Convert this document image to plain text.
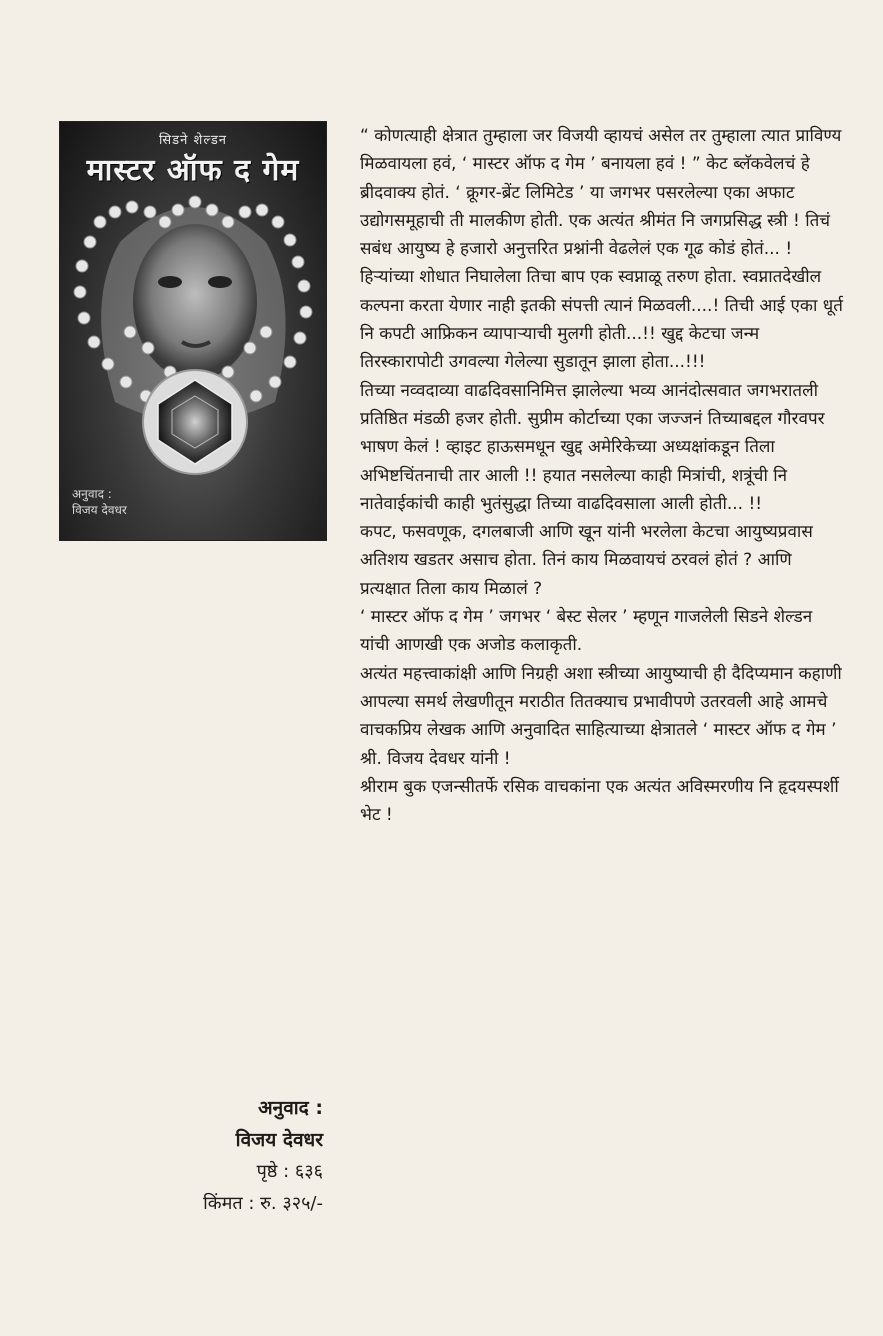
सिडने शेल्डन
मास्टर ऑफ द गेम
अनुवाद :
विजय देवधर

“ कोणत्याही क्षेत्रात तुम्हाला जर विजयी व्हायचं असेल तर तुम्हाला त्यात प्राविण्य मिळवायला हवं, ‘ मास्टर ऑफ द गेम ’ बनायला हवं ! ” केट ब्लॅकवेलचं हे ब्रीदवाक्य होतं. ‘ क्रूगर-ब्रेंट लिमिटेड ’ या जगभर पसरलेल्या एका अफाट उद्योगसमूहाची ती मालकीण होती. एक अत्यंत श्रीमंत नि जगप्रसिद्ध स्त्री ! तिचं सबंध आयुष्य हे हजारो अनुत्तरित प्रश्नांनी वेढलेलं एक गूढ कोडं होतं... !

हिऱ्यांच्या शोधात निघालेला तिचा बाप एक स्वप्नाळू तरुण होता. स्वप्नातदेखील कल्पना करता येणार नाही इतकी संपत्ती त्यानं मिळवली....! तिची आई एका धूर्त नि कपटी आफ्रिकन व्यापाऱ्याची मुलगी होती...!! खुद्द केटचा जन्म तिरस्कारापोटी उगवल्या गेलेल्या सुडातून झाला होता...!!!

तिच्या नव्वदाव्या वाढदिवसानिमित्त झालेल्या भव्य आनंदोत्सवात जगभरातली प्रतिष्ठित मंडळी हजर होती. सुप्रीम कोर्टाच्या एका जज्जनं तिच्याबद्दल गौरवपर भाषण केलं ! व्हाइट हाऊसमधून खुद्द अमेरिकेच्या अध्यक्षांकडून तिला अभिष्टचिंतनाची तार आली !! हयात नसलेल्या काही मित्रांची, शत्रूंची नि नातेवाईकांची काही भुतंसुद्धा तिच्या वाढदिवसाला आली होती... !!

कपट, फसवणूक, दगलबाजी आणि खून यांनी भरलेला केटचा आयुष्यप्रवास अतिशय खडतर असाच होता. तिनं काय मिळवायचं ठरवलं होतं ? आणि प्रत्यक्षात तिला काय मिळालं ?

‘ मास्टर ऑफ द गेम ’ जगभर ‘ बेस्ट सेलर ’ म्हणून गाजलेली सिडने शेल्डन यांची आणखी एक अजोड कलाकृती.

अत्यंत महत्त्वाकांक्षी आणि निग्रही अशा स्त्रीच्या आयुष्याची ही दैदिप्यमान कहाणी आपल्या समर्थ लेखणीतून मराठीत तितक्याच प्रभावीपणे उतरवली आहे आमचे वाचकप्रिय लेखक आणि अनुवादित साहित्याच्या क्षेत्रातले ‘ मास्टर ऑफ द गेम ’ श्री. विजय देवधर यांनी !

श्रीराम बुक एजन्सीतर्फे रसिक वाचकांना एक अत्यंत अविस्मरणीय नि हृदयस्पर्शी भेट !

अनुवाद :
विजय देवधर
पृष्ठे : ६३६
किंमत : रु. ३२५/-
